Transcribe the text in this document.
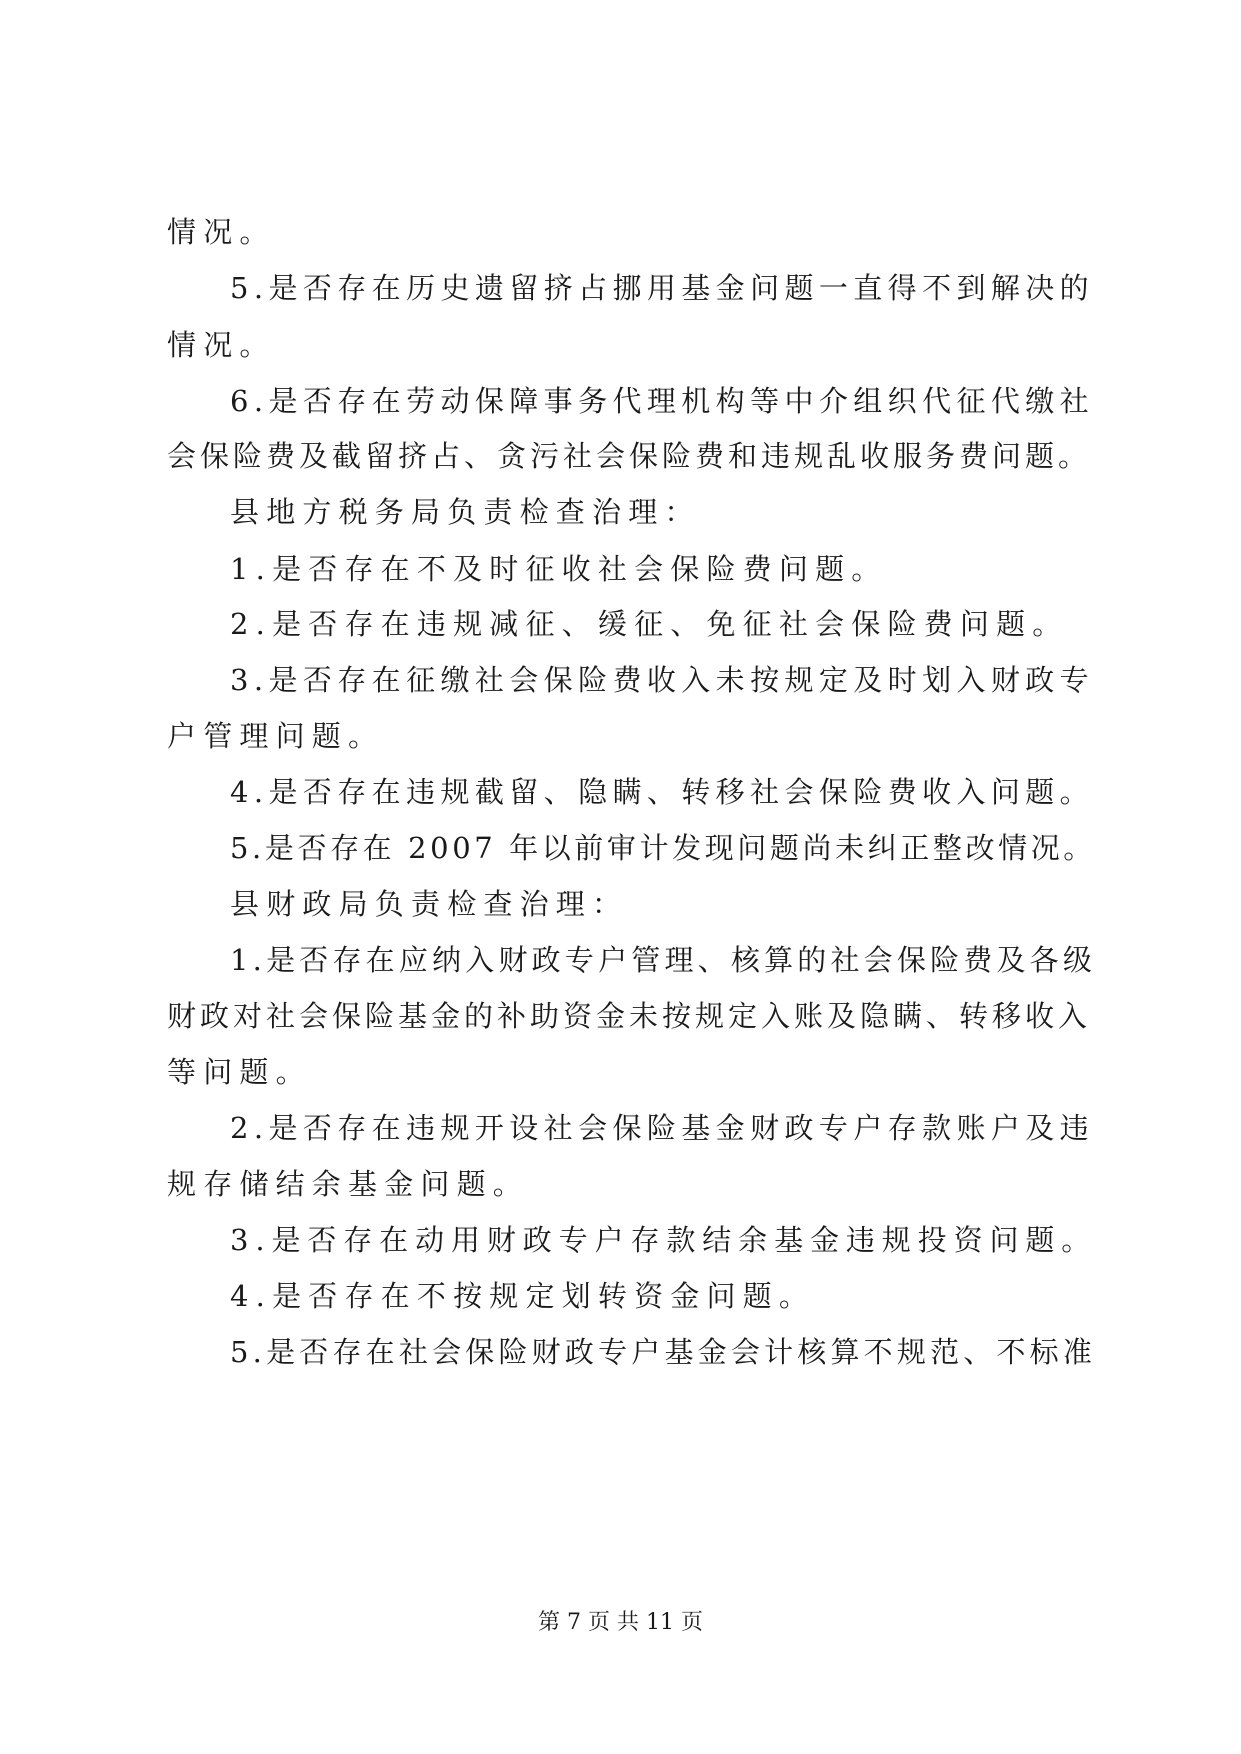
情况。
5.是否存在历史遗留挤占挪用基金问题一直得不到解决的
情况。
6.是否存在劳动保障事务代理机构等中介组织代征代缴社
会保险费及截留挤占、贪污社会保险费和违规乱收服务费问题。
县地方税务局负责检查治理：
1.是否存在不及时征收社会保险费问题。
2.是否存在违规减征、缓征、免征社会保险费问题。
3.是否存在征缴社会保险费收入未按规定及时划入财政专
户管理问题。
4.是否存在违规截留、隐瞒、转移社会保险费收入问题。
5.是否存在 2007 年以前审计发现问题尚未纠正整改情况。
县财政局负责检查治理：
1.是否存在应纳入财政专户管理、核算的社会保险费及各级
财政对社会保险基金的补助资金未按规定入账及隐瞒、转移收入
等问题。
2.是否存在违规开设社会保险基金财政专户存款账户及违
规存储结余基金问题。
3.是否存在动用财政专户存款结余基金违规投资问题。
4.是否存在不按规定划转资金问题。
5.是否存在社会保险财政专户基金会计核算不规范、不标准
第 7 页 共 11 页
